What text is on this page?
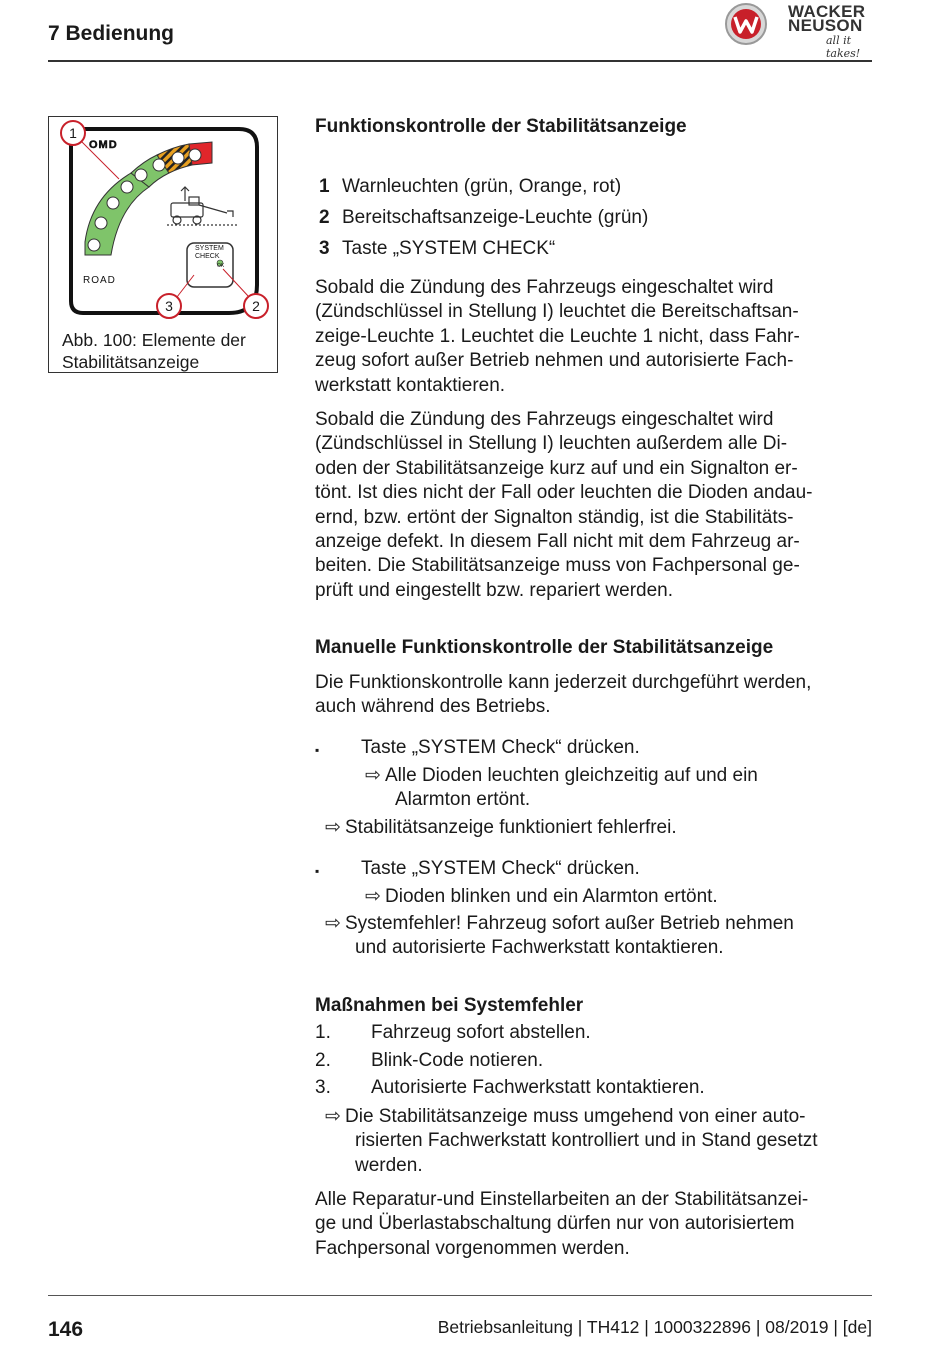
7 Bedienung
WACKER
NEUSON
all it takes!
OMD
ROAD
SYSTEM
CHECK
OK
1
2
3
Abb. 100: Elemente der Stabilitätsanzeige
Funktionskontrolle der Stabilitätsanzeige
1 Warnleuchten (grün, Orange, rot)
2 Bereitschaftsanzeige-Leuchte (grün)
3 Taste „SYSTEM CHECK“
Sobald die Zündung des Fahrzeugs eingeschaltet wird
(Zündschlüssel in Stellung I) leuchtet die Bereitschaftsan-
zeige-Leuchte 1. Leuchtet die Leuchte 1 nicht, dass Fahr-
zeug sofort außer Betrieb nehmen und autorisierte Fach-
werkstatt kontaktieren.
Sobald die Zündung des Fahrzeugs eingeschaltet wird
(Zündschlüssel in Stellung I) leuchten außerdem alle Di-
oden der Stabilitätsanzeige kurz auf und ein Signalton er-
tönt. Ist dies nicht der Fall oder leuchten die Dioden andau-
ernd, bzw. ertönt der Signalton ständig, ist die Stabilitäts-
anzeige defekt. In diesem Fall nicht mit dem Fahrzeug ar-
beiten. Die Stabilitätsanzeige muss von Fachpersonal ge-
prüft und eingestellt bzw. repariert werden.
Manuelle Funktionskontrolle der Stabilitätsanzeige
Die Funktionskontrolle kann jederzeit durchgeführt werden,
auch während des Betriebs.
▪ Taste „SYSTEM Check“ drücken.
⇨ Alle Dioden leuchten gleichzeitig auf und ein
Alarmton ertönt.
⇨ Stabilitätsanzeige funktioniert fehlerfrei.
▪ Taste „SYSTEM Check“ drücken.
⇨ Dioden blinken und ein Alarmton ertönt.
⇨ Systemfehler! Fahrzeug sofort außer Betrieb nehmen
und autorisierte Fachwerkstatt kontaktieren.
Maßnahmen bei Systemfehler
1. Fahrzeug sofort abstellen.
2. Blink-Code notieren.
3. Autorisierte Fachwerkstatt kontaktieren.
⇨ Die Stabilitätsanzeige muss umgehend von einer auto-
risierten Fachwerkstatt kontrolliert und in Stand gesetzt
werden.
Alle Reparatur-und Einstellarbeiten an der Stabilitätsanzei-
ge und Überlastabschaltung dürfen nur von autorisiertem
Fachpersonal vorgenommen werden.
146	Betriebsanleitung | TH412 | 1000322896 | 08/2019 | [de]
